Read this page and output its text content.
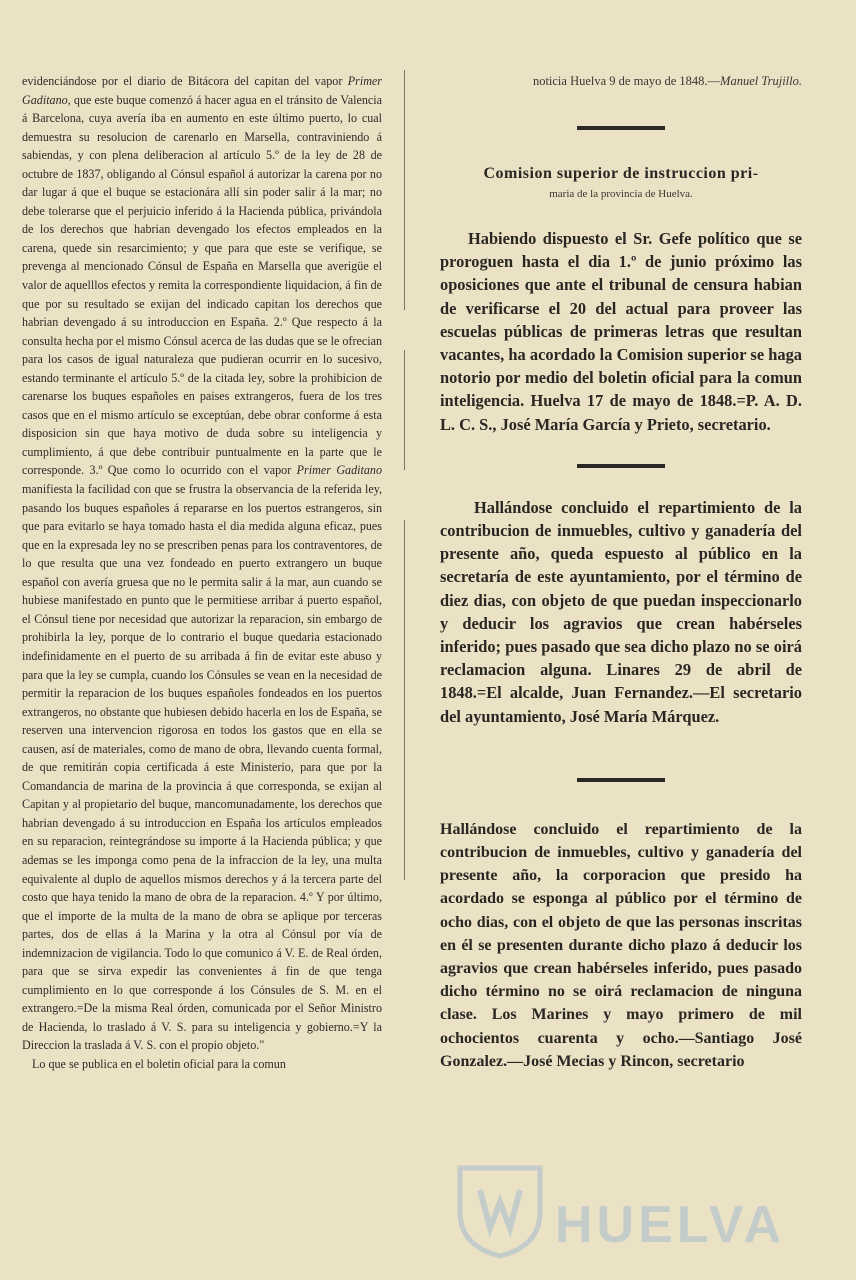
evidenciándose por el diario de Bitácora del capitan del vapor Primer Gaditano, que este buque comenzó á hacer agua en el tránsito de Valencia á Barcelona, cuya avería iba en aumento en este último puerto, lo cual demuestra su resolucion de carenarlo en Marsella, contraviniendo á sabiendas, y con plena deliberacion al artículo 5.º de la ley de 28 de octubre de 1837, obligando al Cónsul español á autorizar la carena por no dar lugar á que el buque se estacionára allí sin poder salir á la mar; no debe tolerarse que el perjuicio inferido á la Hacienda pública, privándola de los derechos que habrian devengado los efectos empleados en la carena, quede sin resarcimiento; y que para que este se verifique, se prevenga al mencionado Cónsul de España en Marsella que averigüe el valor de aquelllos efectos y remita la correspondiente liquidacion, á fin de que por su resultado se exijan del indicado capitan los derechos que habrian devengado á su introduccion en España. 2.º Que respecto á la consulta hecha por el mismo Cónsul acerca de las dudas que se le ofrecian para los casos de igual naturaleza que pudieran ocurrir en lo sucesivo, estando terminante el artículo 5.º de la citada ley, sobre la prohibicion de carenarse los buques españoles en paises extrangeros, fuera de los tres casos que en el mismo artículo se exceptúan, debe obrar conforme á esta disposicion sin que haya motivo de duda sobre su inteligencia y cumplimiento, á que debe contribuir puntualmente en la parte que le corresponde. 3.º Que como lo ocurrido con el vapor Primer Gaditano manifiesta la facilidad con que se frustra la observancia de la referida ley, pasando los buques españoles á repararse en los puertos estrangeros, sin que para evitarlo se haya tomado hasta el dia medida alguna eficaz, pues que en la expresada ley no se prescriben penas para los contraventores, de lo que resulta que una vez fondeado en puerto extrangero un buque español con avería gruesa que no le permita salir á la mar, aun cuando se hubiese manifestado en punto que le permitiese arribar á puerto español, el Cónsul tiene por necesidad que autorizar la reparacion, sin embargo de prohibirla la ley, porque de lo contrario el buque quedaria estacionado indefinidamente en el puerto de su arribada á fin de evitar este abuso y para que la ley se cumpla, cuando los Cónsules se vean en la necesidad de permitir la reparacion de los buques españoles fondeados en los puertos extrangeros, no obstante que hubiesen debido hacerla en los de España, se reserven una intervencion rigorosa en todos los gastos que en ella se causen, así de materiales, como de mano de obra, llevando cuenta formal, de que remitirán copia certificada á este Ministerio, para que por la Comandancia de marina de la provincia á que corresponda, se exijan al Capitan y al propietario del buque, mancomunadamente, los derechos que habrian devengado á su introduccion en España los artículos empleados en su reparacion, reintegrándose su importe á la Hacienda pública; y que ademas se les imponga como pena de la infraccion de la ley, una multa equivalente al duplo de aquellos mismos derechos y á la tercera parte del costo que haya tenido la mano de obra de la reparacion. 4.º Y por último, que el importe de la multa de la mano de obra se aplique por terceras partes, dos de ellas á la Marina y la otra al Cónsul por vía de indemnizacion de vigilancia. Todo lo que comunico á V. E. de Real órden, para que se sirva expedir las convenientes á fin de que tenga cumplimiento en lo que corresponde á los Cónsules de S. M. en el extrangero.=De la misma Real órden, comunicada por el Señor Ministro de Hacienda, lo traslado á V. S. para su inteligencia y gobierno.=Y la Direccion la traslada á V. S. con el propio objeto."

Lo que se publica en el boletin oficial para la comun

noticia Huelva 9 de mayo de 1848.—Manuel Trujillo.

Comision superior de instruccion pri-
maria de la provincia de Huelva.

Habiendo dispuesto el Sr. Gefe político que se proroguen hasta el dia 1.º de junio próximo las oposiciones que ante el tribunal de censura habian de verificarse el 20 del actual para proveer las escuelas públicas de primeras letras que resultan vacantes, ha acordado la Comision superior se haga notorio por medio del boletin oficial para la comun inteligencia. Huelva 17 de mayo de 1848.=P. A. D. L. C. S., José María García y Prieto, secretario.

Hallándose concluido el repartimiento de la contribucion de inmuebles, cultivo y ganadería del presente año, queda espuesto al público en la secretaría de este ayuntamiento, por el término de diez dias, con objeto de que puedan inspeccionarlo y deducir los agravios que crean habérseles inferido; pues pasado que sea dicho plazo no se oirá reclamacion alguna. Linares 29 de abril de 1848.=El alcalde, Juan Fernandez.—El secretario del ayuntamiento, José María Márquez.

Hallándose concluido el repartimiento de la contribucion de inmuebles, cultivo y ganadería del presente año, la corporacion que presido ha acordado se esponga al público por el término de ocho dias, con el objeto de que las personas inscritas en él se presenten durante dicho plazo á deducir los agravios que crean habérseles inferido, pues pasado dicho término no se oirá reclamacion de ninguna clase. Los Marines y mayo primero de mil ochocientos cuarenta y ocho.—Santiago José Gonzalez.—José Mecias y Rincon, secretario

HUELVA
